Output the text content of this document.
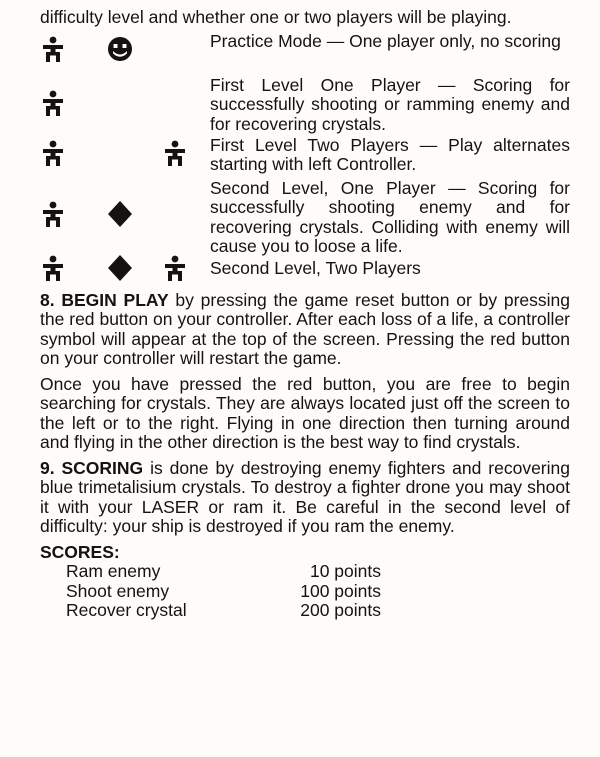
difficulty level and whether one or two players will be playing.

Practice Mode — One player only, no scoring
First Level One Player — Scoring for successfully shooting or ramming enemy and for recovering crystals.
First Level Two Players — Play alternates starting with left Controller.
Second Level, One Player — Scoring for successfully shooting enemy and for recovering crystals. Colliding with enemy will cause you to loose a life.
Second Level, Two Players

8. BEGIN PLAY by pressing the game reset button or by pressing the red button on your controller. After each loss of a life, a controller symbol will appear at the top of the screen. Pressing the red button on your controller will restart the game.

Once you have pressed the red button, you are free to begin searching for crystals. They are always located just off the screen to the left or to the right. Flying in one direction then turning around and flying in the other direction is the best way to find crystals.

9. SCORING is done by destroying enemy fighters and recovering blue trimetalisium crystals. To destroy a fighter drone you may shoot it with your LASER or ram it. Be careful in the second level of difficulty: your ship is destroyed if you ram the enemy.

SCORES:
Ram enemy	10 points
Shoot enemy	100 points
Recover crystal	200 points
